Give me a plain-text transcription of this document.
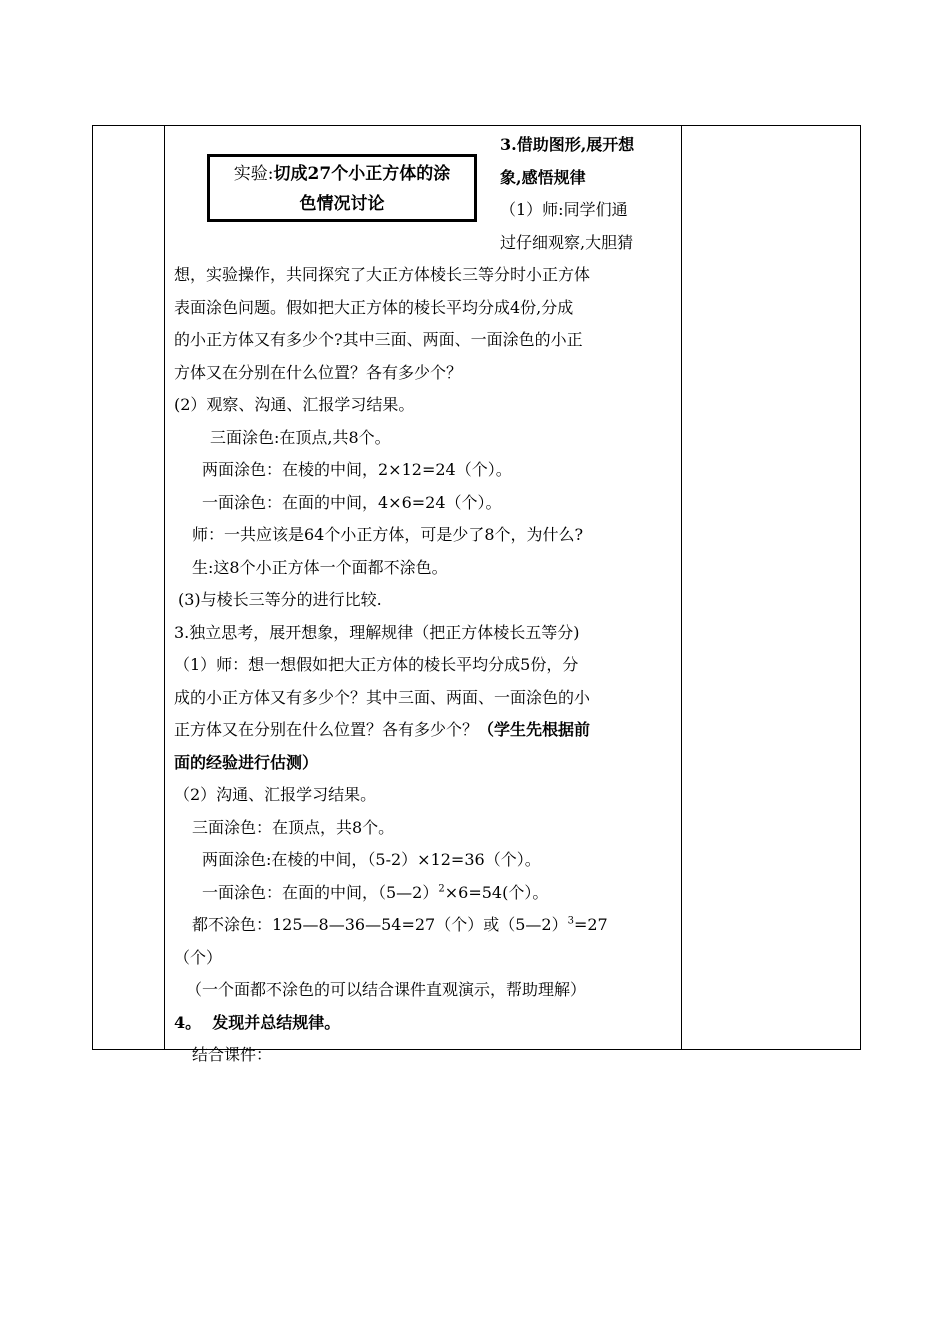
实验:切成27个小正方体的涂
色情况讨论
3.借助图形,展开想
象,感悟规律
（1）师:同学们通
过仔细观察,大胆猜
想，实验操作，共同探究了大正方体棱长三等分时小正方体
表面涂色问题。假如把大正方体的棱长平均分成4份,分成
的小正方体又有多少个?其中三面、两面、一面涂色的小正
方体又在分别在什么位置？各有多少个？
(2）观察、沟通、汇报学习结果。
三面涂色:在顶点,共8个。
两面涂色：在棱的中间，2×12=24（个）。
一面涂色：在面的中间，4×6=24（个）。
师：一共应该是64个小正方体，可是少了8个，为什么?
生:这8个小正方体一个面都不涂色。
(3)与棱长三等分的进行比较.
3.独立思考，展开想象，理解规律（把正方体棱长五等分)
（1）师：想一想假如把大正方体的棱长平均分成5份，分
成的小正方体又有多少个？其中三面、两面、一面涂色的小
正方体又在分别在什么位置？各有多少个？（学生先根据前
面的经验进行估测）
（2）沟通、汇报学习结果。
三面涂色：在顶点，共8个。
两面涂色:在棱的中间，（5-2）×12=36（个）。
一面涂色：在面的中间，（5—2）$^2$×6=54(个）。
都不涂色：125—8—36—54=27（个）或（5—2）$^3$=27
（个）
（一个面都不涂色的可以结合课件直观演示，帮助理解）
4。  发现并总结规律。
结合课件：
